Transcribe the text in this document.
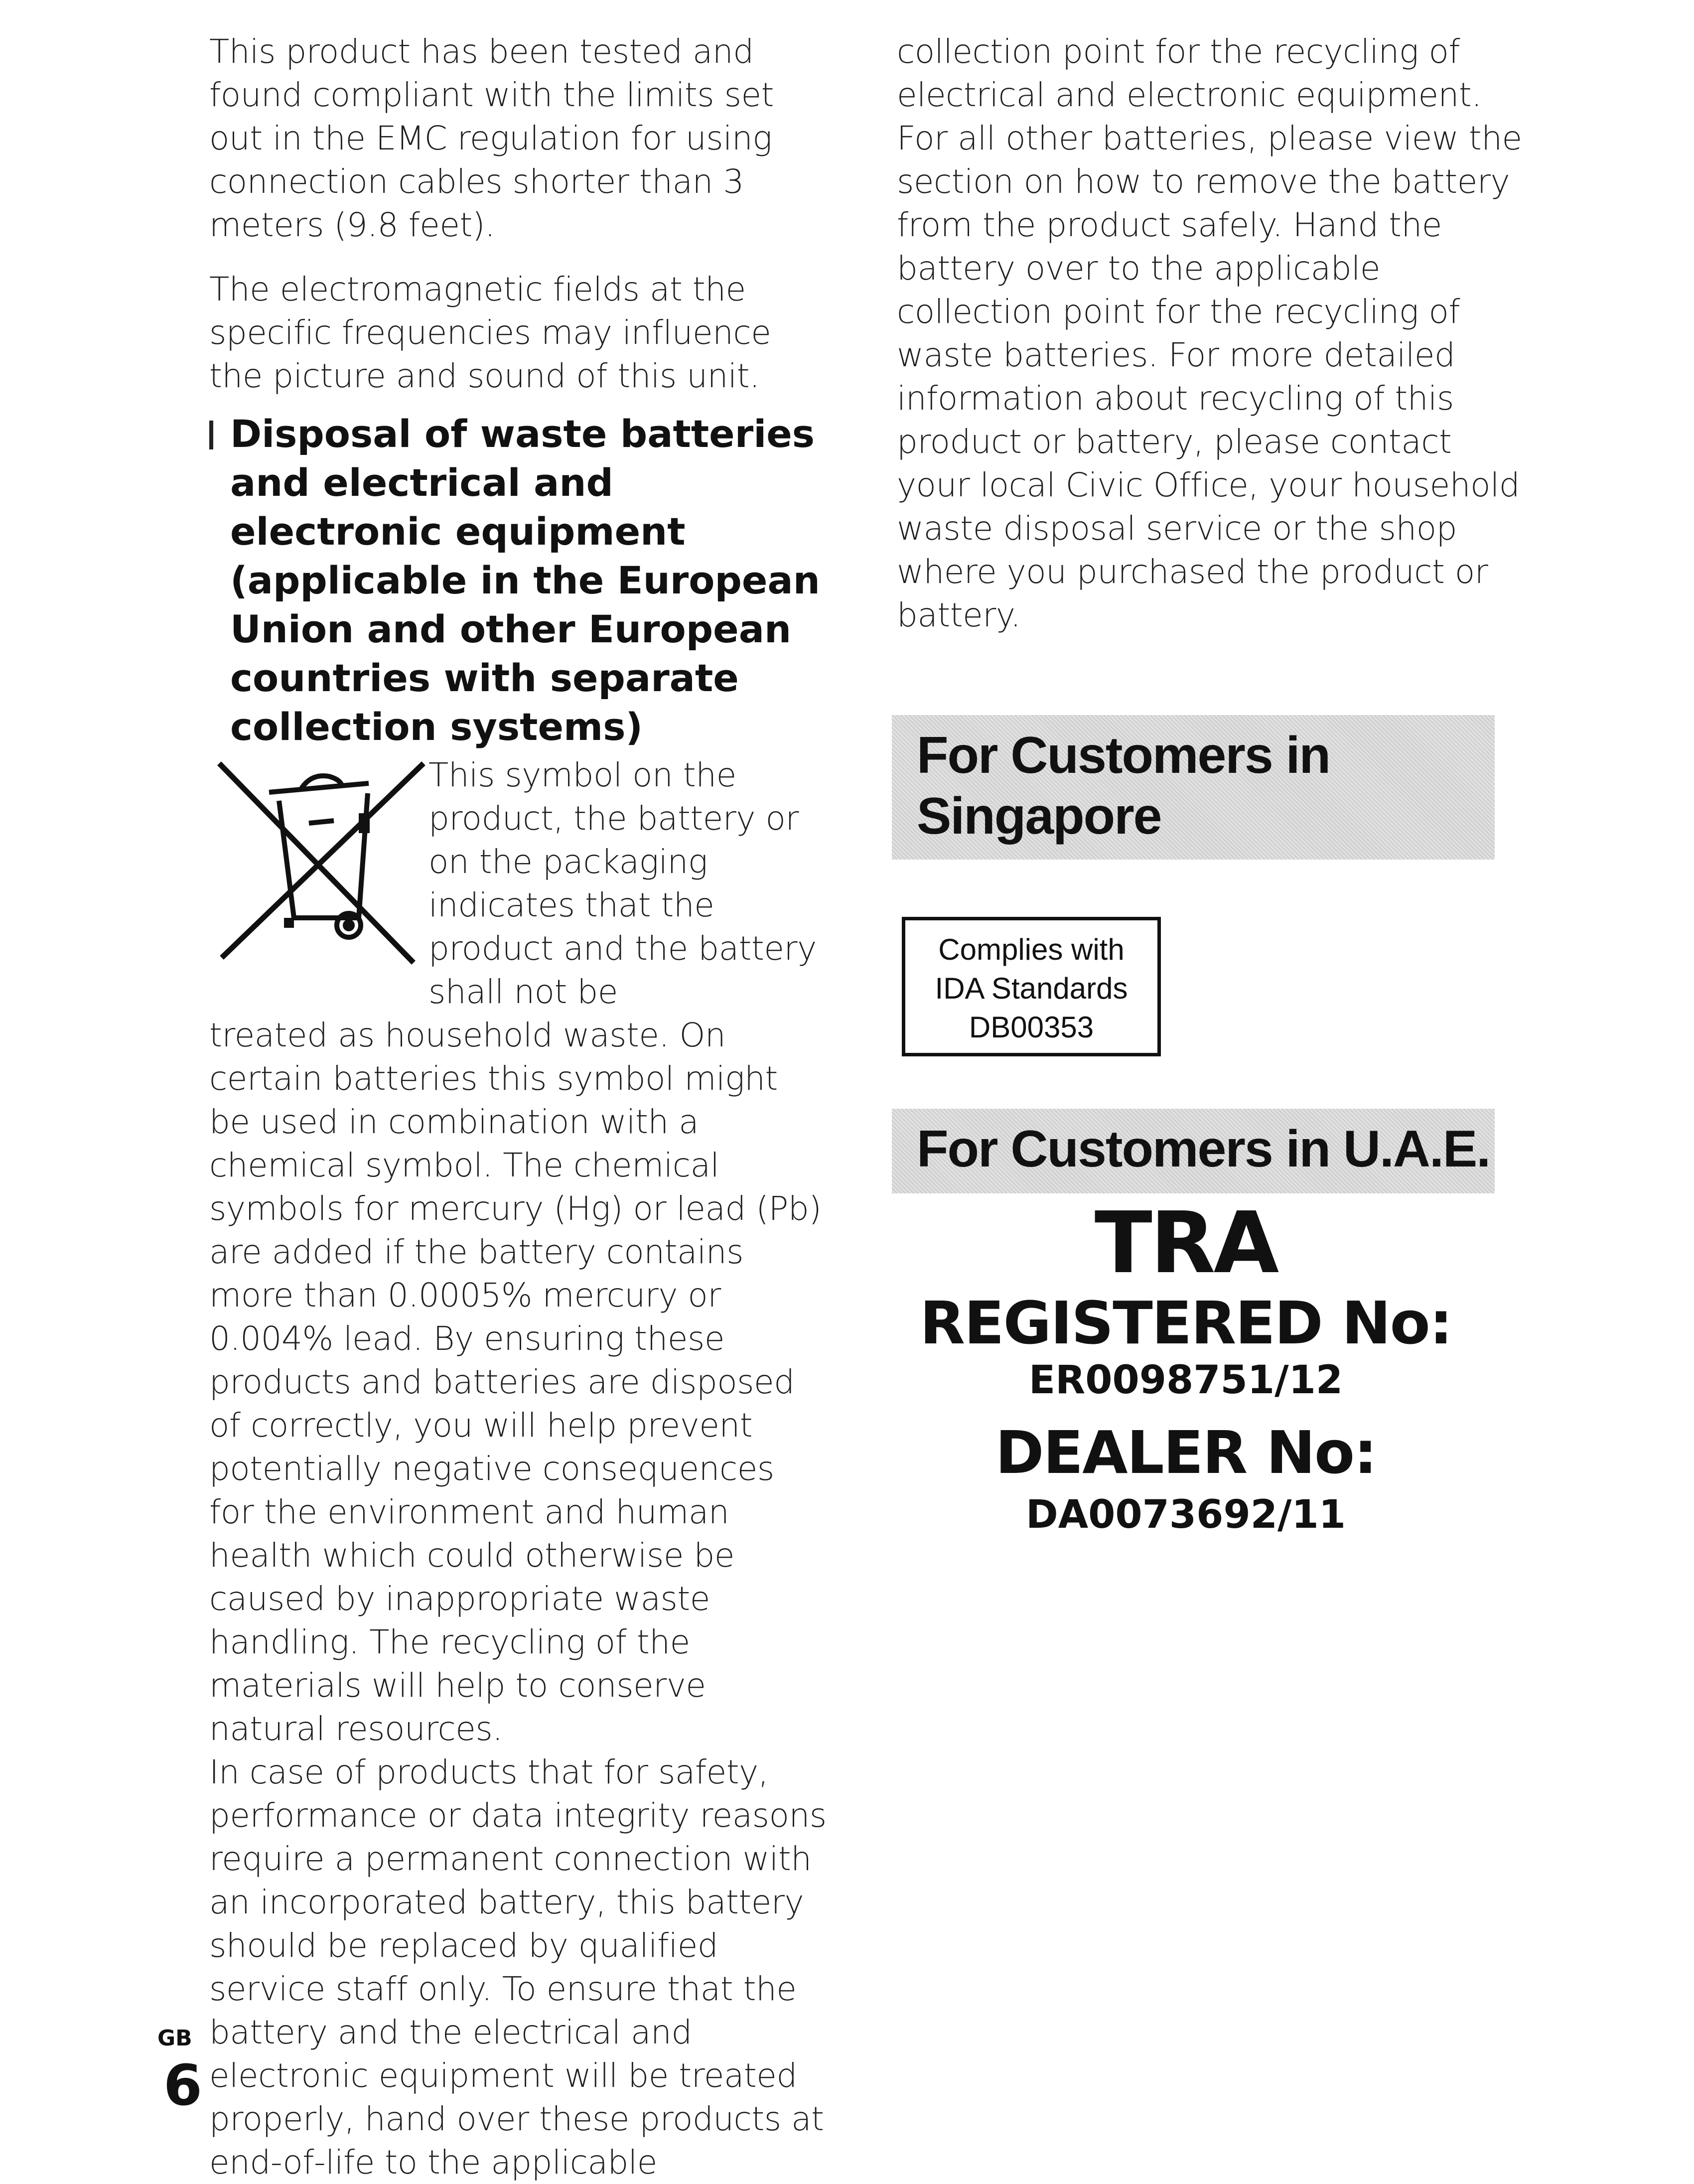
This product has been tested and found compliant with the limits set out in the EMC regulation for using connection cables shorter than 3 meters (9.8 feet).

The electromagnetic fields at the specific frequencies may influence the picture and sound of this unit.

Disposal of waste batteries and electrical and electronic equipment (applicable in the European Union and other European countries with separate collection systems)

This symbol on the product, the battery or on the packaging indicates that the product and the battery shall not be

treated as household waste. On certain batteries this symbol might be used in combination with a chemical symbol. The chemical symbols for mercury (Hg) or lead (Pb) are added if the battery contains more than 0.0005% mercury or 0.004% lead. By ensuring these products and batteries are disposed of correctly, you will help prevent potentially negative consequences for the environment and human health which could otherwise be caused by inappropriate waste handling. The recycling of the materials will help to conserve natural resources.

In case of products that for safety, performance or data integrity reasons require a permanent connection with an incorporated battery, this battery should be replaced by qualified service staff only. To ensure that the battery and the electrical and electronic equipment will be treated properly, hand over these products at end-of-life to the applicable

collection point for the recycling of electrical and electronic equipment. For all other batteries, please view the section on how to remove the battery from the product safely. Hand the battery over to the applicable collection point for the recycling of waste batteries. For more detailed information about recycling of this product or battery, please contact your local Civic Office, your household waste disposal service or the shop where you purchased the product or battery.

For Customers in
Singapore
Complies with
IDA Standards
DB00353
For Customers in U.A.E.
TRA
REGISTERED No:
ER0098751/12
DEALER No:
DA0073692/11
GB
6
